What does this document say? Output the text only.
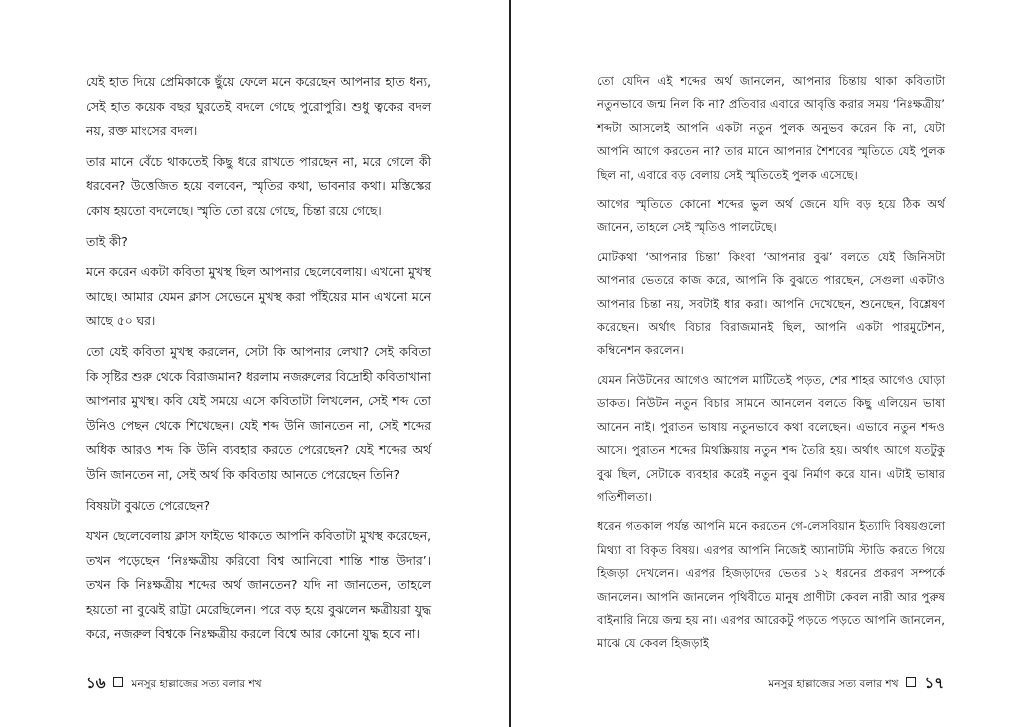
যেই হাত দিয়ে প্রেমিকাকে ছুঁয়ে ফেলে মনে করেছেন আপনার হাত ধন্য, সেই হাত কয়েক বছর ঘুরতেই বদলে গেছে পুরোপুরি। শুধু ত্বকের বদল নয়, রক্ত মাংসের বদল।

তার মানে বেঁচে থাকতেই কিছু ধরে রাখতে পারছেন না, মরে গেলে কী ধরবেন? উত্তেজিত হয়ে বলবেন, স্মৃতির কথা, ভাবনার কথা। মস্তিস্কের কোষ হয়তো বদলেছে। স্মৃতি তো রয়ে গেছে, চিন্তা রয়ে গেছে।

তাই কী?

মনে করেন একটা কবিতা মুখস্থ ছিল আপনার ছেলেবেলায়। এখনো মুখস্থ আছে। আমার যেমন ক্লাস সেভেনে মুখস্থ করা পাঁইয়ের মান এখনো মনে আছে ৫০ ঘর।

তো যেই কবিতা মুখস্থ করলেন, সেটা কি আপনার লেখা? সেই কবিতা কি সৃষ্টির শুরু থেকে বিরাজমান? ধরলাম নজরুলের বিদ্রোহী কবিতাখানা আপনার মুখস্থ। কবি যেই সময়ে এসে কবিতাটা লিখলেন, সেই শব্দ তো উনিও পেছন থেকে শিখেছেন। যেই শব্দ উনি জানতেন না, সেই শব্দের অধিক আরও শব্দ কি উনি ব্যবহার করতে পেরেছেন? যেই শব্দের অর্থ উনি জানতেন না, সেই অর্থ কি কবিতায় আনতে পেরেছেন তিনি?

বিষয়টা বুঝতে পেরেছেন?

যখন ছেলেবেলায় ক্লাস ফাইভে থাকতে আপনি কবিতাটা মুখস্থ করেছেন, তখন পড়েছেন ‘নিঃক্ষত্রীয় করিবো বিশ্ব আনিবো শান্তি শান্ত উদার’। তখন কি নিঃক্ষত্রীয় শব্দের অর্থ জানতেন? যদি না জানতেন, তাহলে হয়তো না বুঝেই রাট্টা মেরেছিলেন। পরে বড় হয়ে বুঝলেন ক্ষত্রীয়রা যুদ্ধ করে, নজরুল বিশ্বকে নিঃক্ষত্রীয় করলে বিশ্বে আর কোনো যুদ্ধ হবে না।

১৬ মনসুর হাল্লাজের সত্য বলার শখ

তো যেদিন এই শব্দের অর্থ জানলেন, আপনার চিন্তায় থাকা কবিতাটা নতুনভাবে জন্ম নিল কি না? প্রতিবার এবারে আবৃত্তি করার সময় ‘নিঃক্ষত্রীয়’ শব্দটা আসলেই আপনি একটা নতুন পুলক অনুভব করেন কি না, যেটা আপনি আগে করতেন না? তার মানে আপনার শৈশবের স্মৃতিতে যেই পুলক ছিল না, এবারে বড় বেলায় সেই স্মৃতিতেই পুলক এসেছে।

আগের স্মৃতিতে কোনো শব্দের ভুল অর্থ জেনে যদি বড় হয়ে ঠিক অর্থ জানেন, তাহলে সেই স্মৃতিও পালটেছে।

মোটকথা ‘আপনার চিন্তা’ কিংবা ‘আপনার বুঝ’ বলতে যেই জিনিসটা আপনার ভেতরে কাজ করে, আপনি কি বুঝতে পারছেন, সেগুলা একটাও আপনার চিন্তা নয়, সবটাই ধার করা। আপনি দেখেছেন, শুনেছেন, বিশ্লেষণ করেছেন। অর্থাৎ বিচার বিরাজমানই ছিল, আপনি একটা পারমুটেশন, কম্বিনেশন করলেন।

যেমন নিউটনের আগেও আপেল মাটিতেই পড়ত, শের শাহর আগেও ঘোড়া ডাকত। নিউটন নতুন বিচার সামনে আনলেন বলতে কিছু এলিয়েন ভাষা আনেন নাই। পুরাতন ভাষায় নতুনভাবে কথা বলেছেন। এভাবে নতুন শব্দও আসে। পুরাতন শব্দের মিথস্ক্রিয়ায় নতুন শব্দ তৈরি হয়। অর্থাৎ আগে যতটুকু বুঝ ছিল, সেটাকে ব্যবহার করেই নতুন বুঝ নির্মাণ করে যান। এটাই ভাষার গতিশীলতা।

ধরেন গতকাল পর্যন্ত আপনি মনে করতেন গে-লেসবিয়ান ইত্যাদি বিষয়গুলো মিথ্যা বা বিকৃত বিষয়। এরপর আপনি নিজেই অ্যানাটমি স্টাডি করতে গিয়ে হিজড়া দেখলেন। এরপর হিজড়াদের ভেতর ১২ ধরনের প্রকরণ সম্পর্কে জানলেন। আপনি জানলেন পৃথিবীতে মানুষ প্রাণীটা কেবল নারী আর পুরুষ বাইনারি নিয়ে জন্ম হয় না। এরপর আরেকটু পড়তে পড়তে আপনি জানলেন, মাঝে যে কেবল হিজড়াই

মনসুর হাল্লাজের সত্য বলার শখ ১৭
